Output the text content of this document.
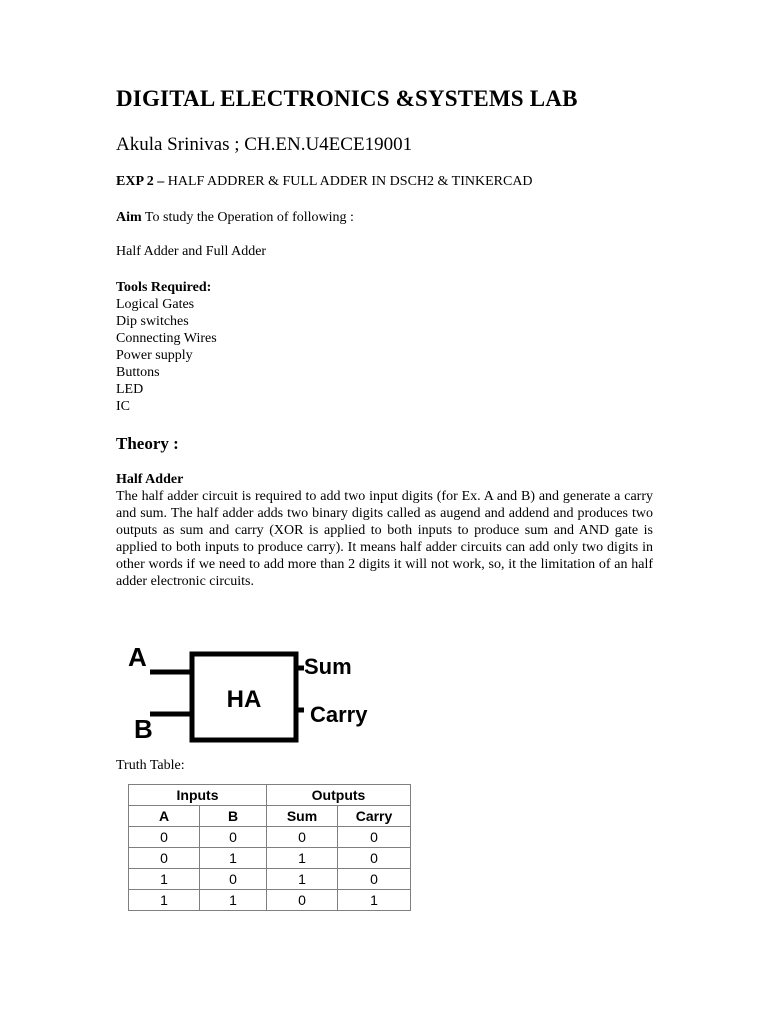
DIGITAL ELECTRONICS &SYSTEMS LAB
Akula Srinivas ; CH.EN.U4ECE19001
EXP 2 – HALF ADDRER & FULL ADDER IN DSCH2 & TINKERCAD
Aim To study the Operation of following :
Half Adder and Full Adder
Tools Required:
Logical Gates
Dip switches
Connecting Wires
Power supply
Buttons
LED
IC
Theory :
Half Adder

The half adder circuit is required to add two input digits (for Ex. A and B) and generate a carry and sum. The half adder adds two binary digits called as augend and addend and produces two outputs as sum and carry (XOR is applied to both inputs to produce sum and AND gate is applied to both inputs to produce carry). It means half adder circuits can add only two digits in other words if we need to add more than 2 digits it will not work, so, it the limitation of an half adder electronic circuits.

A
B
HA
Sum
Carry
Truth Table:
Inputs		Outputs	
A	B	Sum	Carry
0	0	0	0
0	1	1	0
1	0	1	0
1	1	0	1
